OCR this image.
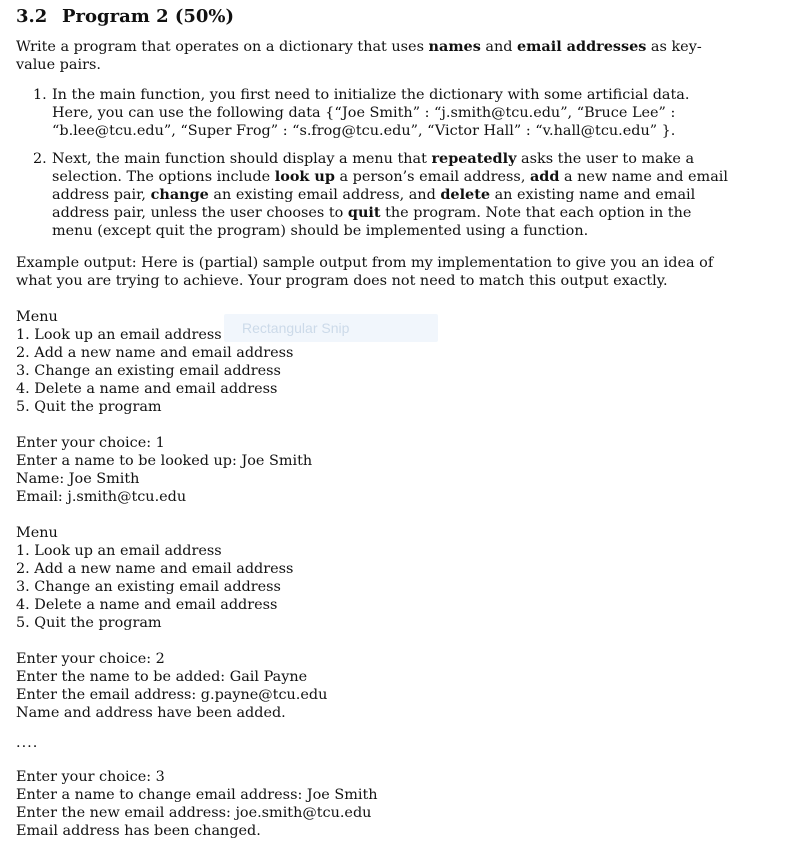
3.2 Program 2 (50%)
Write a program that operates on a dictionary that uses names and email addresses as key-value pairs.
1. In the main function, you first need to initialize the dictionary with some artificial data. Here, you can use the following data {“Joe Smith” : “j.smith@tcu.edu”, “Bruce Lee” : “b.lee@tcu.edu”, “Super Frog” : “s.frog@tcu.edu”, “Victor Hall” : “v.hall@tcu.edu” }.
2. Next, the main function should display a menu that repeatedly asks the user to make a selection. The options include look up a person’s email address, add a new name and email address pair, change an existing email address, and delete an existing name and email address pair, unless the user chooses to quit the program. Note that each option in the menu (except quit the program) should be implemented using a function.
Example output: Here is (partial) sample output from my implementation to give you an idea of what you are trying to achieve. Your program does not need to match this output exactly.
Menu
1. Look up an email address
2. Add a new name and email address
3. Change an existing email address
4. Delete a name and email address
5. Quit the program
Enter your choice: 1
Enter a name to be looked up: Joe Smith
Name: Joe Smith
Email: j.smith@tcu.edu
Menu
1. Look up an email address
2. Add a new name and email address
3. Change an existing email address
4. Delete a name and email address
5. Quit the program
Enter your choice: 2
Enter the name to be added: Gail Payne
Enter the email address: g.payne@tcu.edu
Name and address have been added.
....
Enter your choice: 3
Enter a name to change email address: Joe Smith
Enter the new email address: joe.smith@tcu.edu
Email address has been changed.
Rectangular Snip
